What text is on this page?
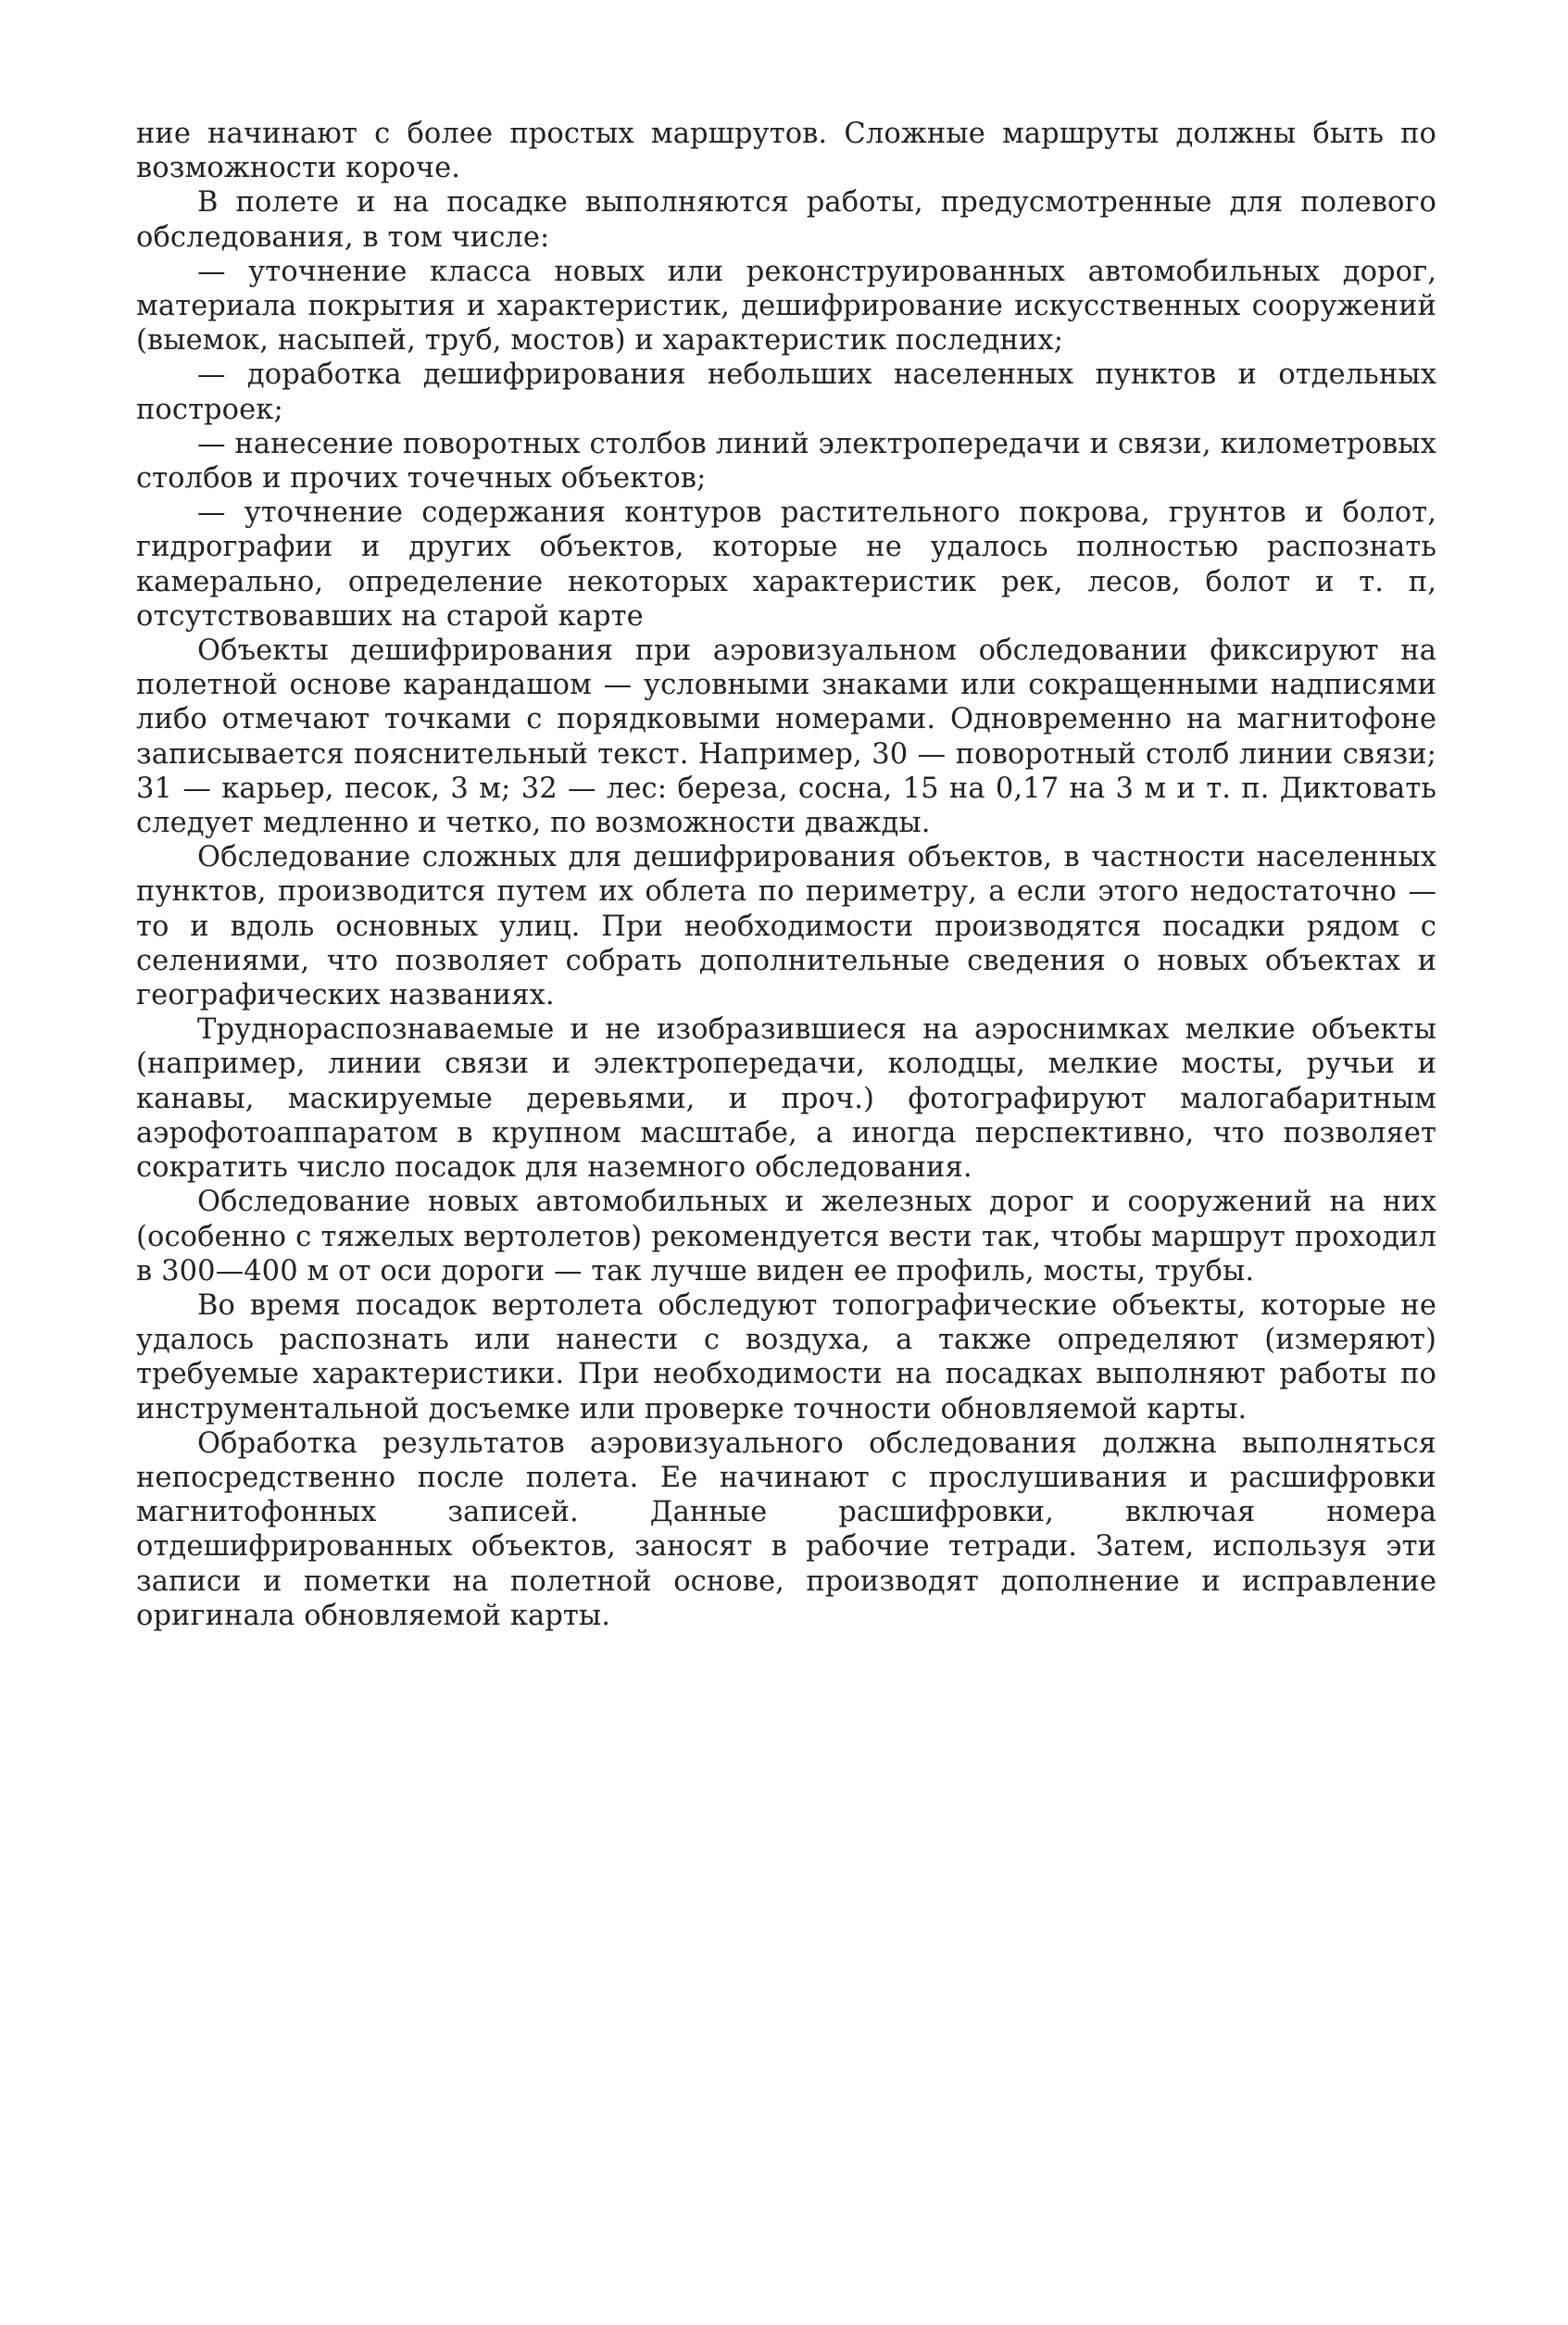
ние начинают с более простых маршрутов. Сложные маршруты должны быть по возможности короче.

В полете и на посадке выполняются работы, предусмотренные для полевого обследования, в том числе:

— уточнение класса новых или реконструированных автомобильных дорог, материала покрытия и характеристик, дешифрирование искусственных сооружений (выемок, насыпей, труб, мостов) и характеристик последних;

— доработка дешифрирования небольших населенных пунктов и отдельных построек;

— нанесение поворотных столбов линий электропередачи и связи, километровых столбов и прочих точечных объектов;

— уточнение содержания контуров растительного покрова, грунтов и болот, гидрографии и других объектов, которые не удалось полностью распознать камерально, определение некоторых характеристик рек, лесов, болот и т. п, отсутствовавших на старой карте

Объекты дешифрирования при аэровизуальном обследовании фиксируют на полетной основе карандашом — условными знаками или сокращенными надписями либо отмечают точками с порядковыми номерами. Одновременно на магнитофоне записывается пояснительный текст. Например, 30 — поворотный столб линии связи; 31 — карьер, песок, 3 м; 32 — лес: береза, сосна, 15 на 0,17 на 3 м и т. п. Диктовать следует медленно и четко, по возможности дважды.

Обследование сложных для дешифрирования объектов, в частности населенных пунктов, производится путем их облета по периметру, а если этого недостаточно — то и вдоль основных улиц. При необходимости производятся посадки рядом с селениями, что позволяет собрать дополнительные сведения о новых объектах и географических названиях.

Труднораспознаваемые и не изобразившиеся на аэроснимках мелкие объекты (например, линии связи и электропередачи, колодцы, мелкие мосты, ручьи и канавы, маскируемые деревьями, и проч.) фотографируют малогабаритным аэрофотоаппаратом в крупном масштабе, а иногда перспективно, что позволяет сократить число посадок для наземного обследования.

Обследование новых автомобильных и железных дорог и сооружений на них (особенно с тяжелых вертолетов) рекомендуется вести так, чтобы маршрут проходил в 300—400 м от оси дороги — так лучше виден ее профиль, мосты, трубы.

Во время посадок вертолета обследуют топографические объекты, которые не удалось распознать или нанести с воздуха, а также определяют (измеряют) требуемые характеристики. При необходимости на посадках выполняют работы по инструментальной досъемке или проверке точности обновляемой карты.

Обработка результатов аэровизуального обследования должна выполняться непосредственно после полета. Ее начинают с прослушивания и расшифровки магнитофонных записей. Данные расшифровки, включая номера отдешифрированных объектов, заносят в рабочие тетради. Затем, используя эти записи и пометки на полетной основе, производят дополнение и исправление оригинала обновляемой карты.
